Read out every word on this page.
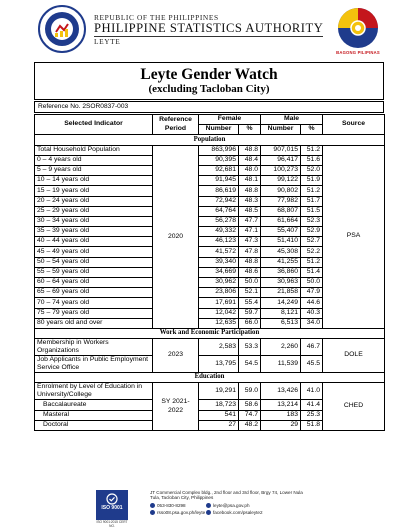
REPUBLIC OF THE PHILIPPINES
PHILIPPINE STATISTICS AUTHORITY
LEYTE
BAGONG PILIPINAS
Leyte Gender Watch
(excluding Tacloban City)
Reference No. 2SOR0837-003
Selected Indicator	Reference Period	Female		Male		Source
		Number	%	Number	%	
Population						
Total Household Population	2020	863,996	48.8	907,015	51.2	PSA
0 – 4 years old		90,395	48.4	96,417	51.6	
5 – 9 years old		92,681	48.0	100,273	52.0	
10 – 14 years old		91,945	48.1	99,122	51.9	
15 – 19 years old		86,619	48.8	90,802	51.2	
20 – 24 years old		72,942	48.3	77,982	51.7	
25 – 29 years old		64,764	48.5	68,807	51.5	
30 – 34 years old		56,278	47.7	61,664	52.3	
35 – 39 years old		49,332	47.1	55,407	52.9	
40 – 44 years old		46,123	47.3	51,410	52.7	
45 – 49 years old		41,572	47.8	45,308	52.2	
50 – 54 years old		39,340	48.8	41,255	51.2	
55 – 59 years old		34,669	48.6	36,860	51.4	
60 – 64 years old		30,962	50.0	30,963	50.0	
65 – 69 years old		23,806	52.1	21,858	47.9	
70 – 74 years old		17,691	55.4	14,249	44.6	
75 – 79 years old		12,042	59.7	8,121	40.3	
80 years old and over		12,635	66.0	6,513	34.0	
Work and Economic Participation						
Membership in Workers Organizations	2023	2,583	53.3	2,260	46.7	DOLE
Job Applicants in Public Employment Service Office		13,795	54.5	11,539	45.5	
Education						
Enrolment by Level of Education in University/College	SY 2021-2022	19,291	59.0	13,426	41.0	CHED
Baccalaureate		18,723	58.6	13,214	41.4	
Masteral		541	74.7	183	25.3	
Doctoral		27	48.2	29	51.8	
ISO 9001
ISO 9001:2015 CERT NO.
JT Commercial Complex bldg., 2nd floor and 3rd floor, Brgy 74, Lower Nula Tula, Tacloban City, Philippines
053-830-8298	leyte@psa.gov.ph
rsso08.psa.gov.ph/leyte	facebook.com/psaleyte2
